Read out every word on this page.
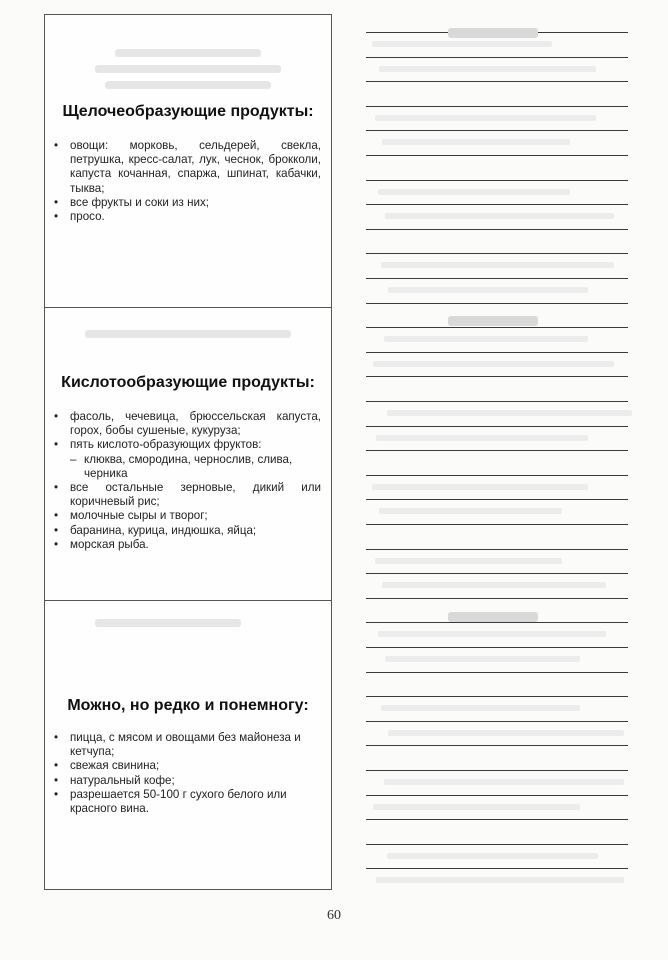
Щелочеобразующие продукты:
• овощи: морковь, сельдерей, свекла, петрушка, кресс-салат, лук, чеснок, брокколи, капуста кочанная, спаржа, шпинат, кабачки, тыква;
• все фрукты и соки из них;
• просо.
Кислотообразующие продукты:
• фасоль, чечевица, брюссельская капуста, горох, бобы сушеные, кукуруза;
• пять кислото-образующих фруктов:
– клюква, смородина, чернослив, слива, черника
• все остальные зерновые, дикий или коричневый рис;
• молочные сыры и творог;
• баранина, курица, индюшка, яйца;
• морская рыба.
Можно, но редко и понемногу:
• пицца, с мясом и овощами без майонеза и кетчупа;
• свежая свинина;
• натуральный кофе;
• разрешается 50-100 г сухого белого или красного вина.
60
